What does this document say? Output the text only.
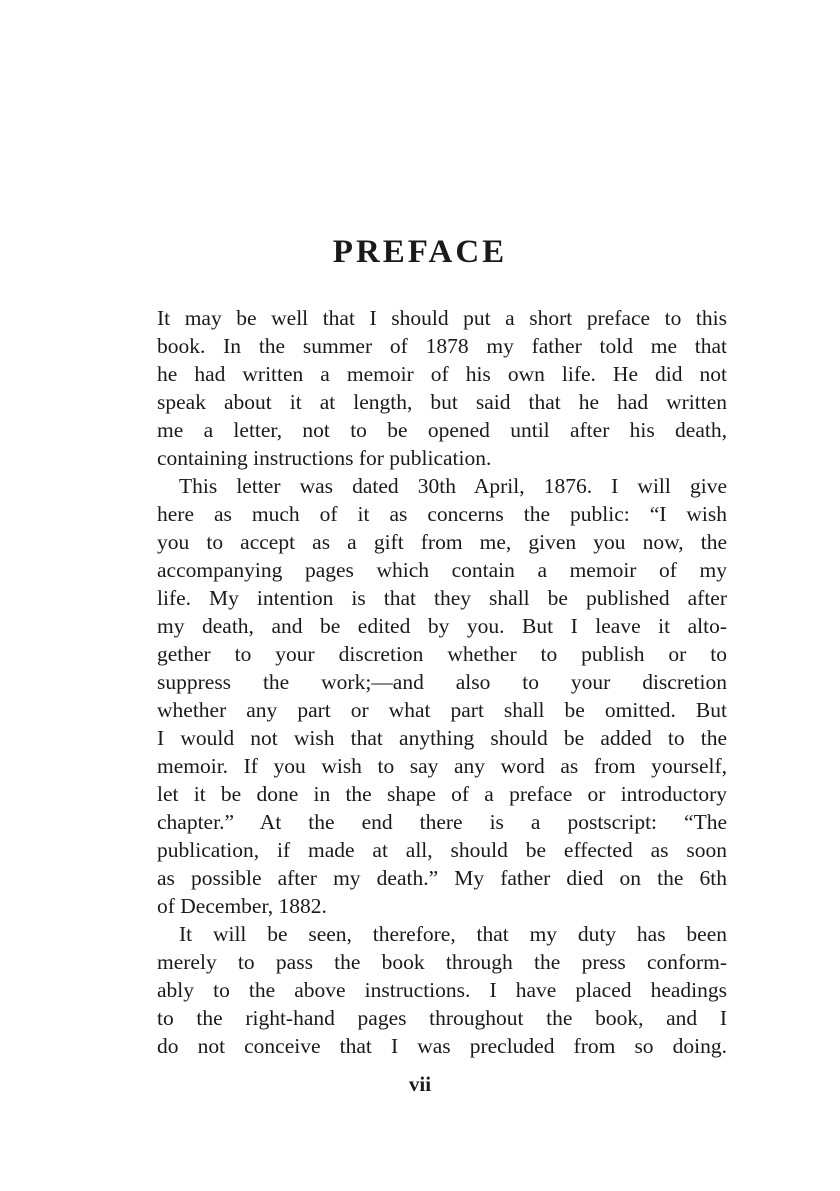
PREFACE
It may be well that I should put a short preface to this
book. In the summer of 1878 my father told me that
he had written a memoir of his own life. He did not
speak about it at length, but said that he had written
me a letter, not to be opened until after his death,
containing instructions for publication.
This letter was dated 30th April, 1876. I will give
here as much of it as concerns the public: “I wish
you to accept as a gift from me, given you now, the
accompanying pages which contain a memoir of my
life. My intention is that they shall be published after
my death, and be edited by you. But I leave it alto-
gether to your discretion whether to publish or to
suppress the work;—and also to your discretion
whether any part or what part shall be omitted. But
I would not wish that anything should be added to the
memoir. If you wish to say any word as from yourself,
let it be done in the shape of a preface or introductory
chapter.” At the end there is a postscript: “The
publication, if made at all, should be effected as soon
as possible after my death.” My father died on the 6th
of December, 1882.
It will be seen, therefore, that my duty has been
merely to pass the book through the press conform-
ably to the above instructions. I have placed headings
to the right-hand pages throughout the book, and I
do not conceive that I was precluded from so doing.

vii
